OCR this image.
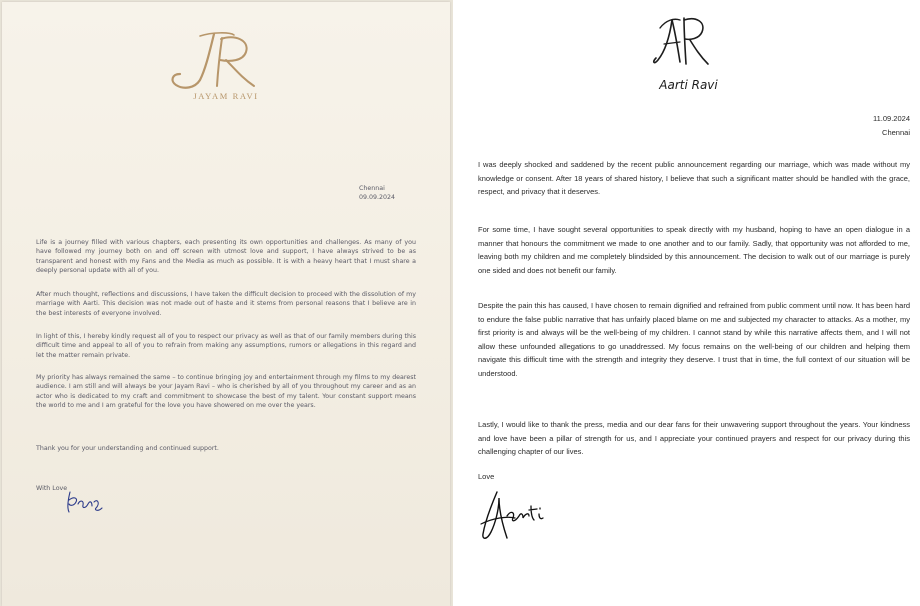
JAYAM RAVI
Chennai
09.09.2024

Life is a journey filled with various chapters, each presenting its own opportunities and challenges. As many of you have followed my journey both on and off screen with utmost love and support, I have always strived to be as transparent and honest with my Fans and the Media as much as possible. It is with a heavy heart that I must share a deeply personal update with all of you.

After much thought, reflections and discussions, I have taken the difficult decision to proceed with the dissolution of my marriage with Aarti. This decision was not made out of haste and it stems from personal reasons that I believe are in the best interests of everyone involved.

In light of this, I hereby kindly request all of you to respect our privacy as well as that of our family members during this difficult time and appeal to all of you to refrain from making any assumptions, rumors or allegations in this regard and let the matter remain private.

My priority has always remained the same – to continue bringing joy and entertainment through my films to my dearest audience. I am still and will always be your Jayam Ravi – who is cherished by all of you throughout my career and as an actor who is dedicated to my craft and commitment to showcase the best of my talent. Your constant support means the world to me and I am grateful for the love you have showered on me over the years.

Thank you for your understanding and continued support.

With Love
Aarti Ravi
11.09.2024
Chennai

I was deeply shocked and saddened by the recent public announcement regarding our marriage, which was made without my knowledge or consent. After 18 years of shared history, I believe that such a significant matter should be handled with the grace, respect, and privacy that it deserves.

For some time, I have sought several opportunities to speak directly with my husband, hoping to have an open dialogue in a manner that honours the commitment we made to one another and to our family. Sadly, that opportunity was not afforded to me, leaving both my children and me completely blindsided by this announcement. The decision to walk out of our marriage is purely one sided and does not benefit our family.

Despite the pain this has caused, I have chosen to remain dignified and refrained from public comment until now. It has been hard to endure the false public narrative that has unfairly placed blame on me and subjected my character to attacks. As a mother, my first priority is and always will be the well-being of my children. I cannot stand by while this narrative affects them, and I will not allow these unfounded allegations to go unaddressed. My focus remains on the well-being of our children and helping them navigate this difficult time with the strength and integrity they deserve. I trust that in time, the full context of our situation will be understood.

Lastly, I would like to thank the press, media and our dear fans for their unwavering support throughout the years. Your kindness and love have been a pillar of strength for us, and I appreciate your continued prayers and respect for our privacy during this challenging chapter of our lives.

Love
